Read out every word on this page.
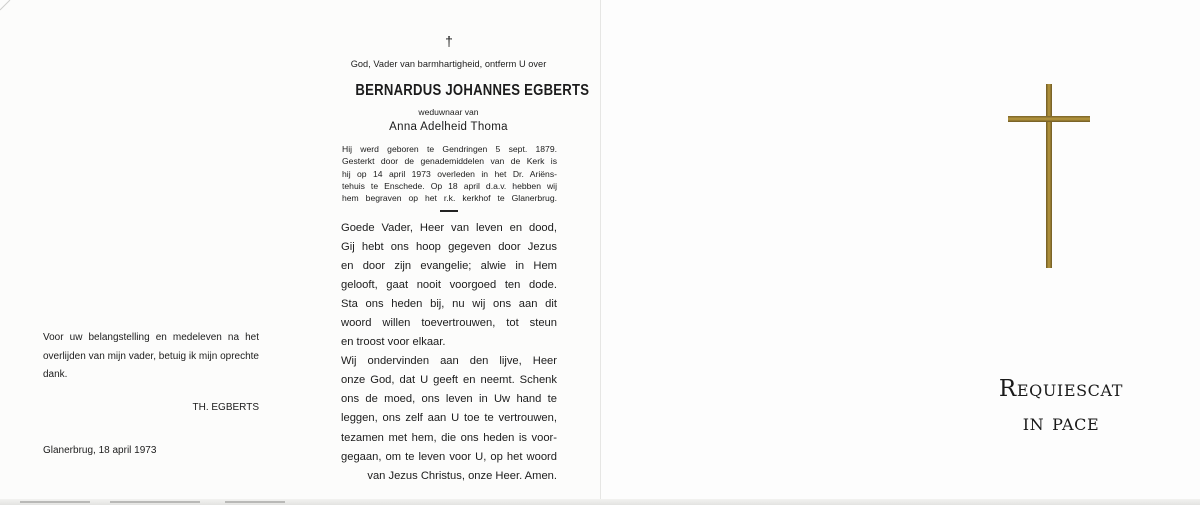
Voor uw belangstelling en medeleven na het
overlijden van mijn vader, betuig ik mijn oprechte
dank.
TH. EGBERTS
Glanerbrug, 18 april 1973
†
God, Vader van barmhartigheid, ontferm U over
BERNARDUS JOHANNES EGBERTS
weduwnaar van
Anna Adelheid Thoma
Hij werd geboren te Gendringen 5 sept. 1879.
Gesterkt door de genademiddelen van de Kerk is
hij op 14 april 1973 overleden in het Dr. Ariëns-
tehuis te Enschede. Op 18 april d.a.v. hebben wij
hem begraven op het r.k. kerkhof te Glanerbrug.
Goede Vader, Heer van leven en dood,
Gij hebt ons hoop gegeven door Jezus
en door zijn evangelie; alwie in Hem
gelooft, gaat nooit voorgoed ten dode.
Sta ons heden bij, nu wij ons aan dit
woord willen toevertrouwen, tot steun
en troost voor elkaar.
Wij ondervinden aan den lijve, Heer
onze God, dat U geeft en neemt. Schenk
ons de moed, ons leven in Uw hand te
leggen, ons zelf aan U toe te vertrouwen,
tezamen met hem, die ons heden is voor-
gegaan, om te leven voor U, op het woord
van Jezus Christus, onze Heer. Amen.
Requiescat
in pace
